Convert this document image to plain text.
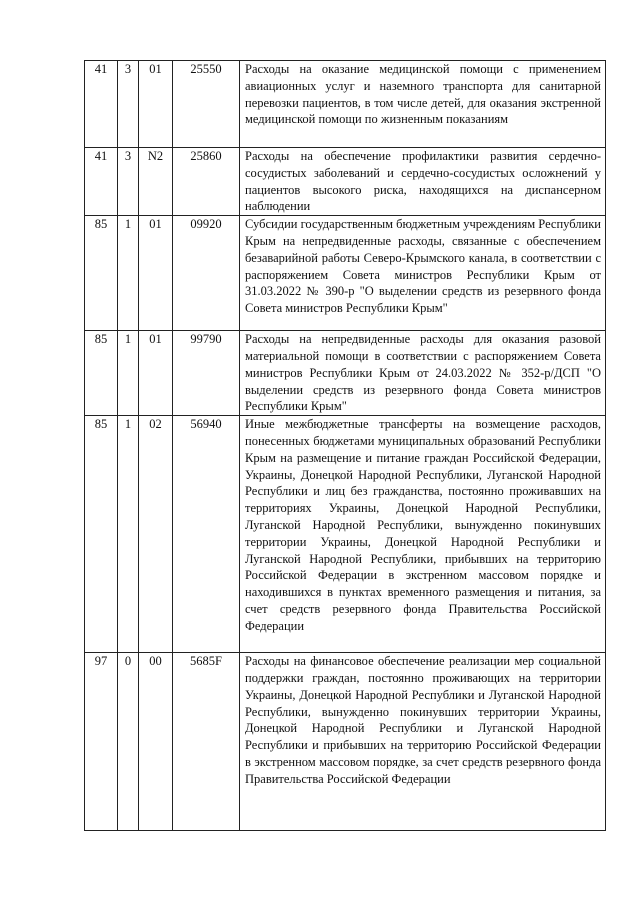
41	3	01	25550	Расходы на оказание медицинской помощи с применением авиационных услуг и наземного транспорта для санитарной перевозки пациентов, в том числе детей, для оказания экстренной медицинской помощи по жизненным показаниям

41	3	N2	25860	Расходы на обеспечение профилактики развития сердечно-сосудистых заболеваний и сердечно-сосудистых осложнений у пациентов высокого риска, находящихся на диспансерном наблюдении

85	1	01	09920	Субсидии государственным бюджетным учреждениям Республики Крым на непредвиденные расходы, связанные с обеспечением безаварийной работы Северо-Крымского канала, в соответствии с распоряжением Совета министров Республики Крым от 31.03.2022 № 390-р "О выделении средств из резервного фонда Совета министров Республики Крым"

85	1	01	99790	Расходы на непредвиденные расходы для оказания разовой материальной помощи в соответствии с распоряжением Совета министров Республики Крым от 24.03.2022 № 352-р/ДСП "О выделении средств из резервного фонда Совета министров Республики Крым"

85	1	02	56940	Иные межбюджетные трансферты на возмещение расходов, понесенных бюджетами муниципальных образований Республики Крым на размещение и питание граждан Российской Федерации, Украины, Донецкой Народной Республики, Луганской Народной Республики и лиц без гражданства, постоянно проживавших на территориях Украины, Донецкой Народной Республики, Луганской Народной Республики, вынужденно покинувших территории Украины, Донецкой Народной Республики и Луганской Народной Республики, прибывших на территорию Российской Федерации в экстренном массовом порядке и находившихся в пунктах временного размещения и питания, за счет средств резервного фонда Правительства Российской Федерации

97	0	00	5685F	Расходы на финансовое обеспечение реализации мер социальной поддержки граждан, постоянно проживающих на территории Украины, Донецкой Народной Республики и Луганской Народной Республики, вынужденно покинувших территории Украины, Донецкой Народной Республики и Луганской Народной Республики и прибывших на территорию Российской Федерации в экстренном массовом порядке, за счет средств резервного фонда Правительства Российской Федерации
